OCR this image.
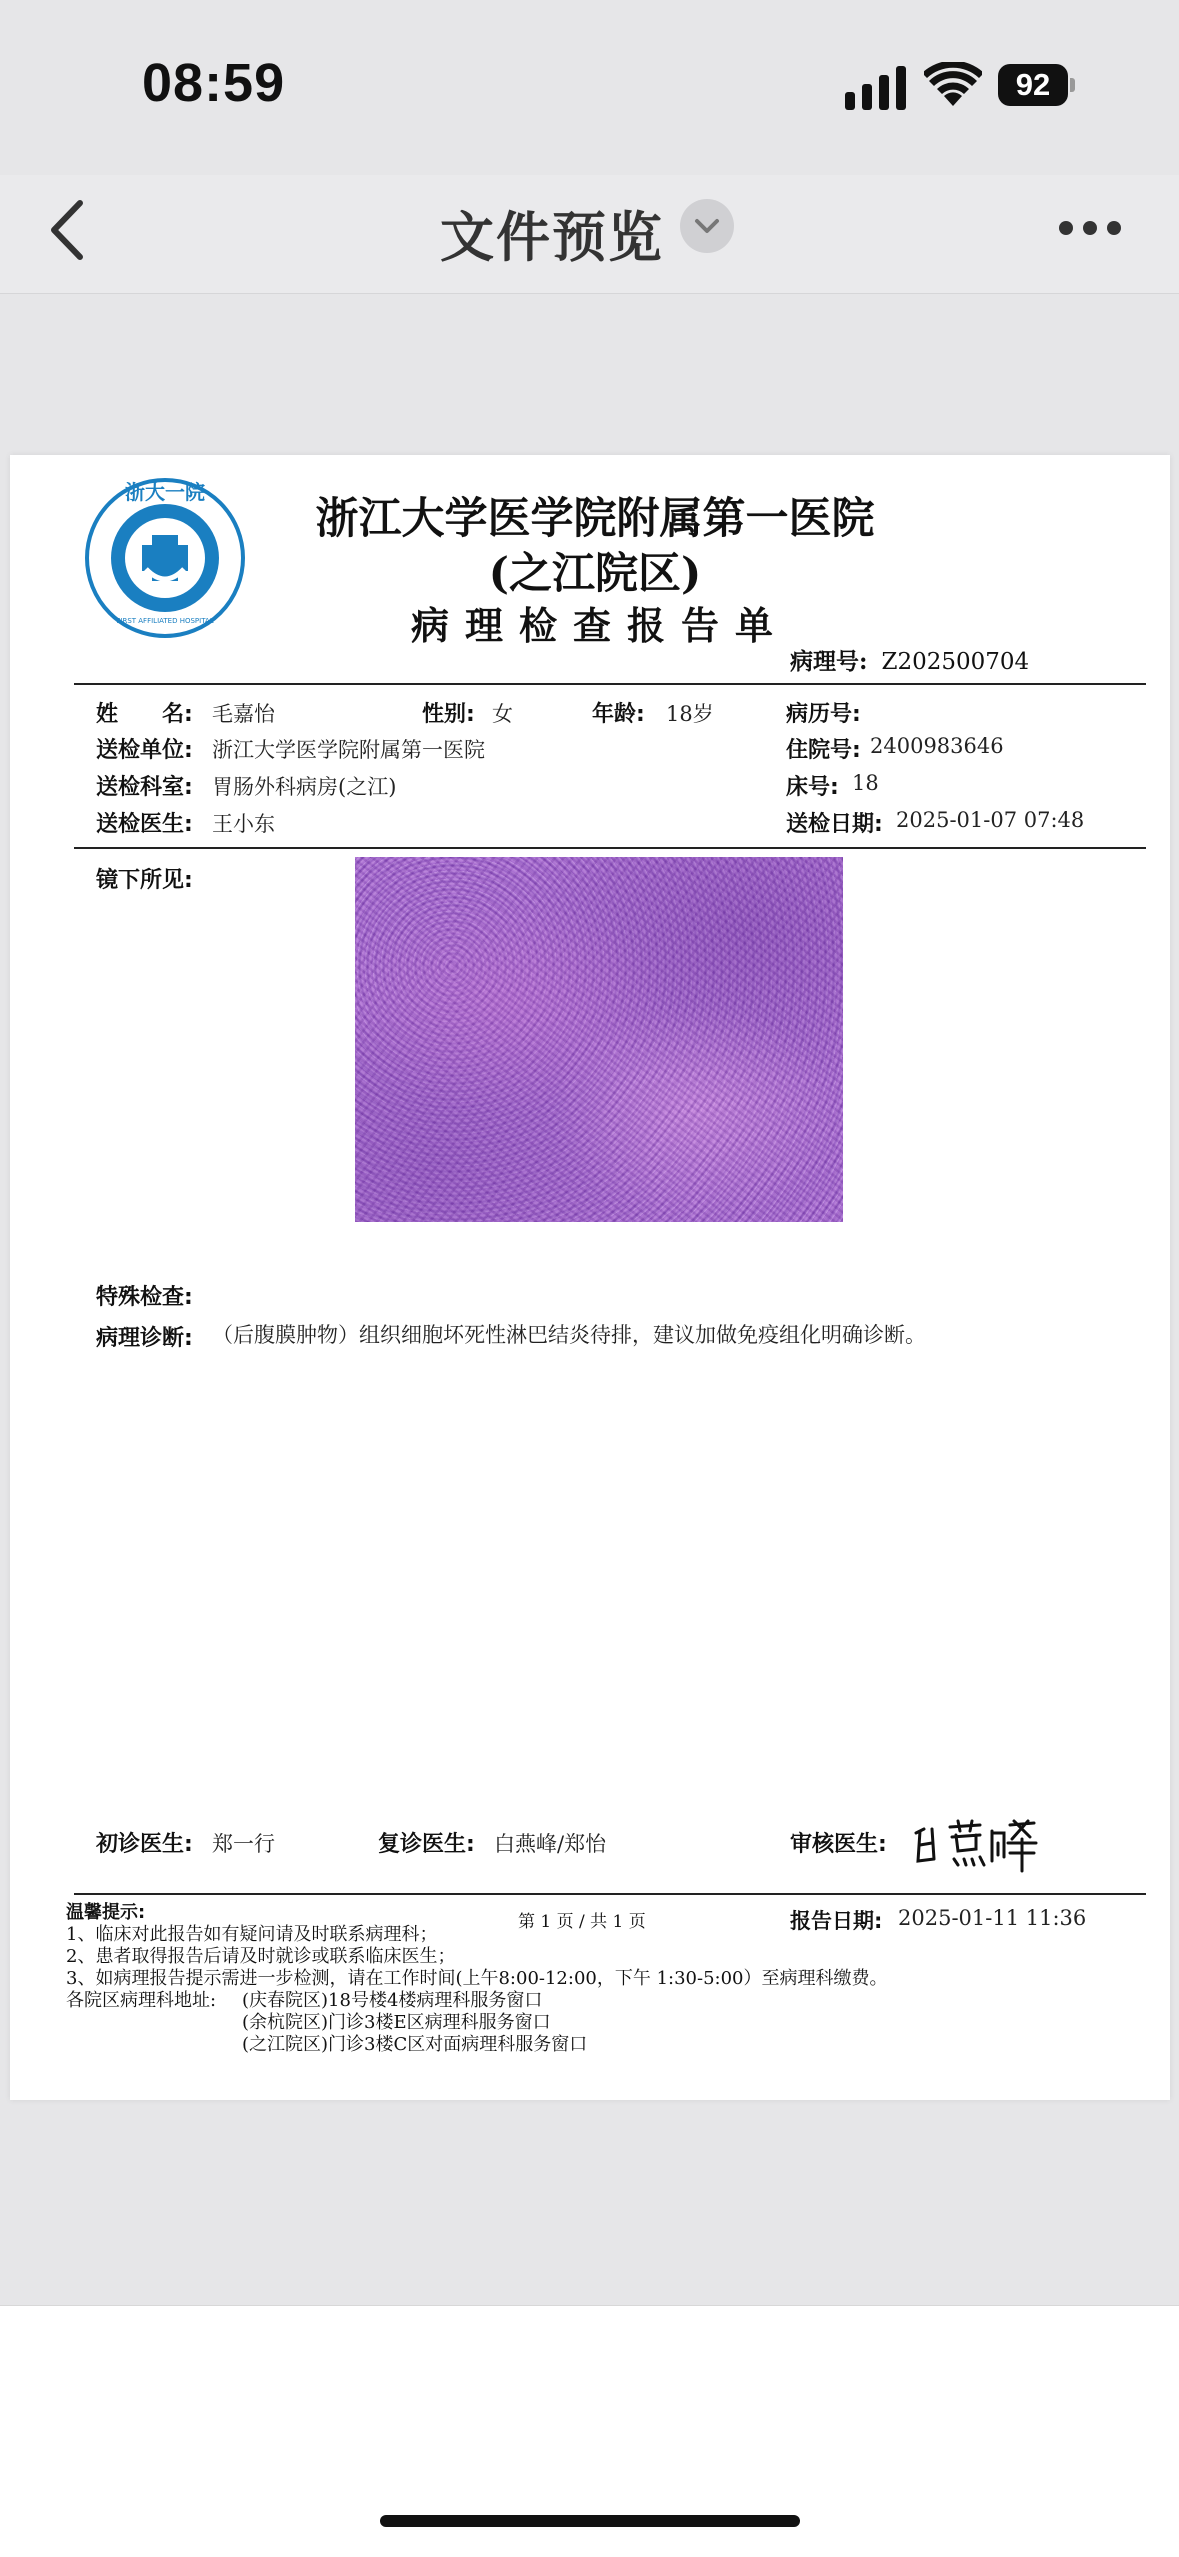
08:59	92
文件预览
浙大一院
FIRST AFFILIATED HOSPITAL
1947	浙江大学医学院附属第一医院
(之江院区)
病理检查报告单
病理号: Z202500704
姓　　名: 毛嘉怡	性别: 女	年龄: 18岁	病历号:
送检单位: 浙江大学医学院附属第一医院	住院号: 2400983646
送检科室: 胃肠外科病房(之江)	床号: 18
送检医生: 王小东	送检日期: 2025-01-07 07:48
镜下所见:
特殊检查:
病理诊断: （后腹膜肿物）组织细胞坏死性淋巴结炎待排，建议加做免疫组化明确诊断。
初诊医生: 郑一行	复诊医生: 白燕峰/郑怡	审核医生:
温馨提示:
1、临床对此报告如有疑问请及时联系病理科；
2、患者取得报告后请及时就诊或联系临床医生；
3、如病理报告提示需进一步检测，请在工作时间(上午8:00-12:00，下午 1:30-5:00）至病理科缴费。
各院区病理科地址: (庆春院区)18号楼4楼病理科服务窗口
(余杭院区)门诊3楼E区病理科服务窗口
(之江院区)门诊3楼C区对面病理科服务窗口
第 1 页 / 共 1 页	报告日期: 2025-01-11 11:36
